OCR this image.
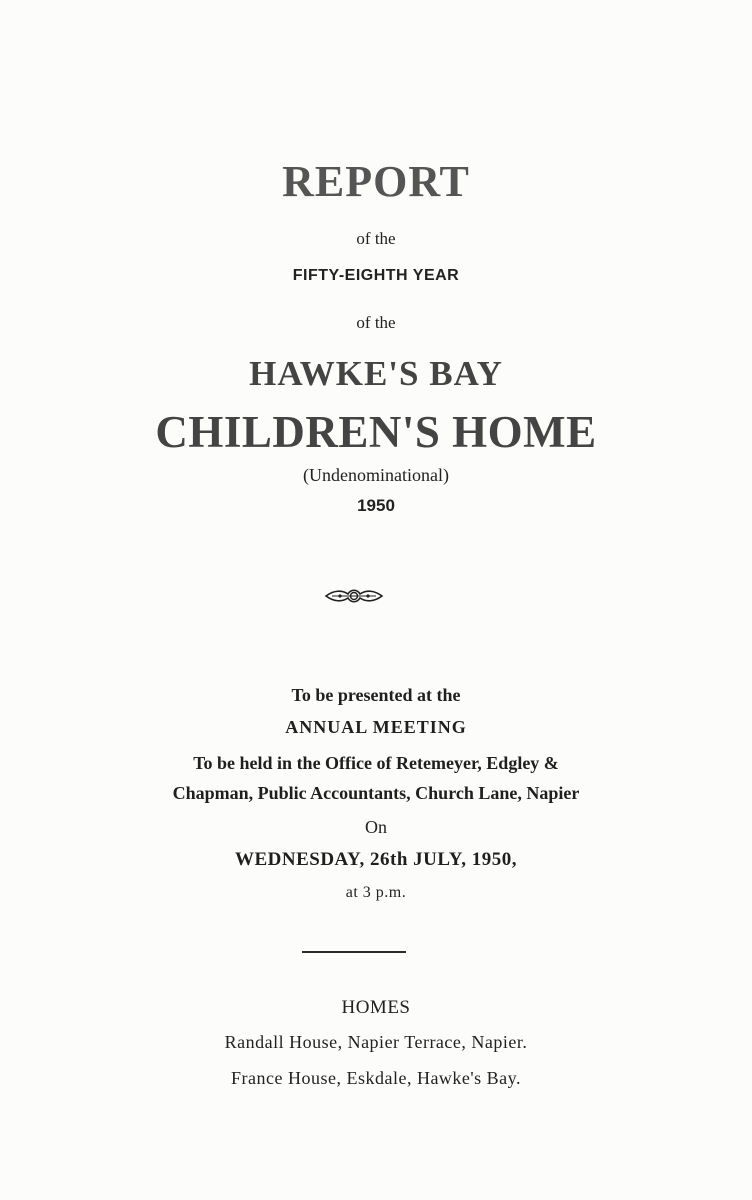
REPORT
of the
FIFTY-EIGHTH YEAR
of the
HAWKE'S BAY
CHILDREN'S HOME
(Undenominational)
1950
To be presented at the
ANNUAL MEETING
To be held in the Office of Retemeyer, Edgley &
Chapman, Public Accountants, Church Lane, Napier
On
WEDNESDAY, 26th JULY, 1950,
at 3 p.m.
HOMES
Randall House, Napier Terrace, Napier.
France House, Eskdale, Hawke's Bay.
